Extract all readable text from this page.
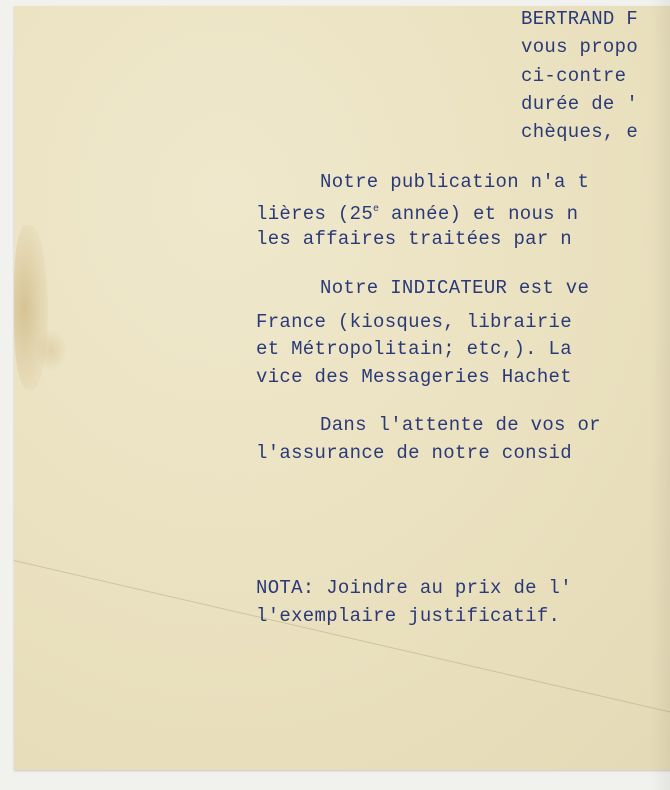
BERTRAND F

vous propo

ci-contre

durée de '

chèques, e

Notre publication n'a t

lières (25e année) et nous n

les affaires traitées par n

Notre INDICATEUR est ve

France (kiosques, librairie

et Métropolitain; etc,). La

vice des Messageries Hachet

Dans l'attente de vos or

l'assurance de notre consid

NOTA: Joindre au prix de l'

l'exemplaire justificatif.
